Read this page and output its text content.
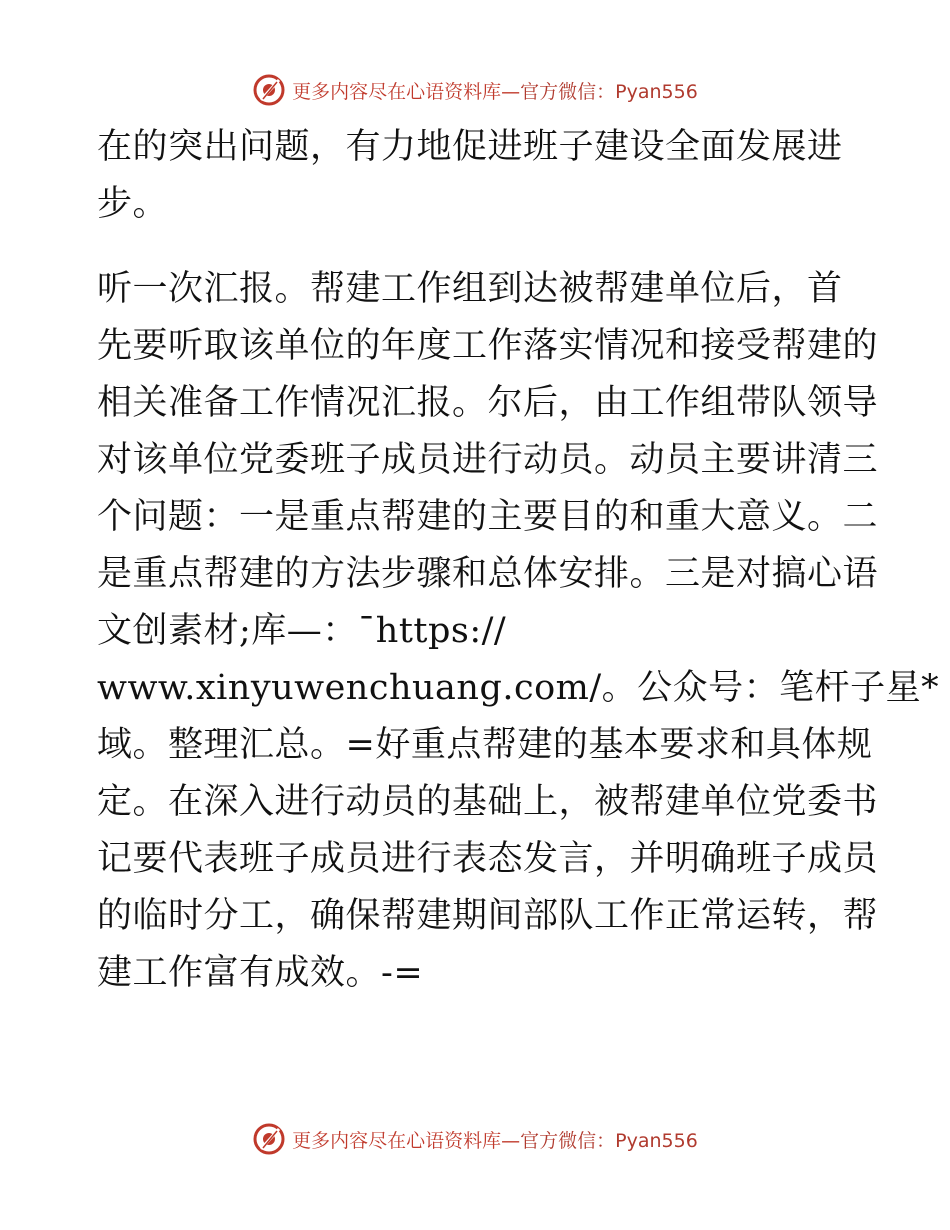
更多内容尽在心语资料库—官方微信：Pyan556
在的突出问题，有力地促进班子建设全面发展进
步。
听一次汇报。帮建工作组到达被帮建单位后，首
先要听取该单位的年度工作落实情况和接受帮建的
相关准备工作情况汇报。尔后，由工作组带队领导
对该单位党委班子成员进行动员。动员主要讲清三
个问题：一是重点帮建的主要目的和重大意义。二
是重点帮建的方法步骤和总体安排。三是对搞心语
文创素材;库—：¯https://
www.xinyuwenchuang.com/。公众号：笔杆子星*
域。整理汇总。=好重点帮建的基本要求和具体规
定。在深入进行动员的基础上，被帮建单位党委书
记要代表班子成员进行表态发言，并明确班子成员
的临时分工，确保帮建期间部队工作正常运转，帮
建工作富有成效。-=
更多内容尽在心语资料库—官方微信：Pyan556
